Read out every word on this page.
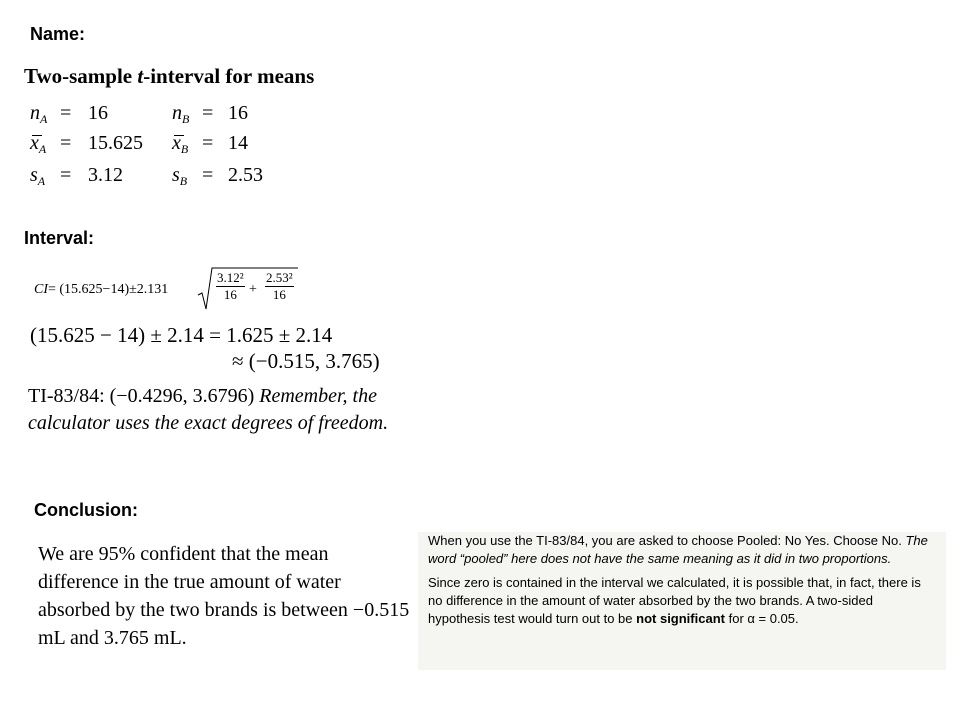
Name:
Two-sample t-interval for means
$n_A = 16$	$n_B = 16$
$x_A = 15.625$ $x_B = 14$
$s_A = 3.12$ $s_B = 2.53$
Interval:
CI= (15.625−14)±2.131	$\frac{\text{3.12²}}{16} + \frac{\text{2.53²}}{16}$
(15.625 − 14) ± 2.14 = 1.625 ± 2.14
≈ (−0.515, 3.765)
TI-83/84: (−0.4296, 3.6796) Remember, the calculator uses the exact degrees of freedom.
Conclusion:
We are 95% confident that the mean difference in the true amount of water absorbed by the two brands is between −0.515 mL and 3.765 mL.

When you use the TI-83/84, you are asked to choose Pooled: No Yes. Choose No. The word “pooled” here does not have the same meaning as it did in two proportions.

Since zero is contained in the interval we calculated, it is possible that, in fact, there is no difference in the amount of water absorbed by the two brands. A two-sided hypothesis test would turn out to be not significant for α = 0.05.
